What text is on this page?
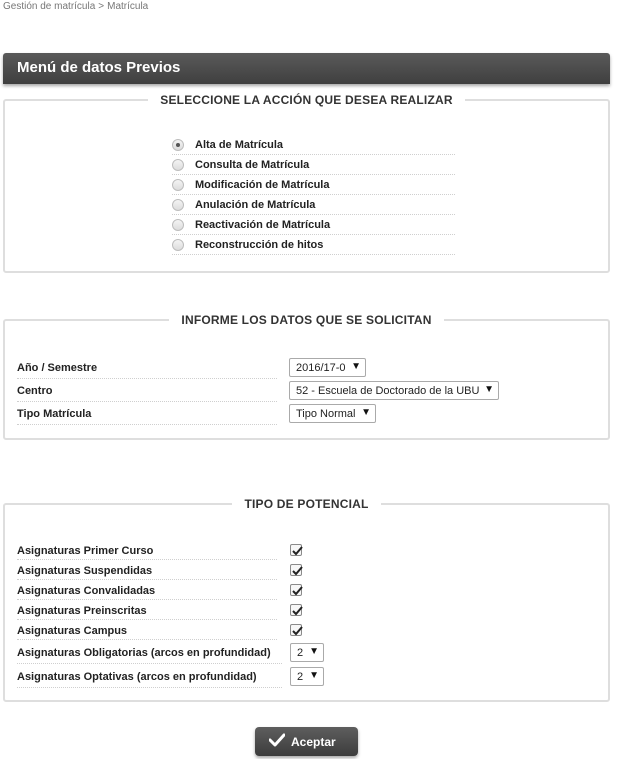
Gestión de matrícula > Matrícula
Menú de datos Previos
SELECCIONE LA ACCIÓN QUE DESEA REALIZAR
Alta de Matrícula
Consulta de Matrícula
Modificación de Matrícula
Anulación de Matrícula
Reactivación de Matrícula
Reconstrucción de hitos
INFORME LOS DATOS QUE SE SOLICITAN
Año / Semestre	2016/17-0 ▼
Centro	52 - Escuela de Doctorado de la UBU ▼
Tipo Matrícula	Tipo Normal ▼
TIPO DE POTENCIAL
Asignaturas Primer Curso
Asignaturas Suspendidas
Asignaturas Convalidadas
Asignaturas Preinscritas
Asignaturas Campus
Asignaturas Obligatorias (arcos en profundidad)	2 ▼
Asignaturas Optativas (arcos en profundidad)	2 ▼
Aceptar
